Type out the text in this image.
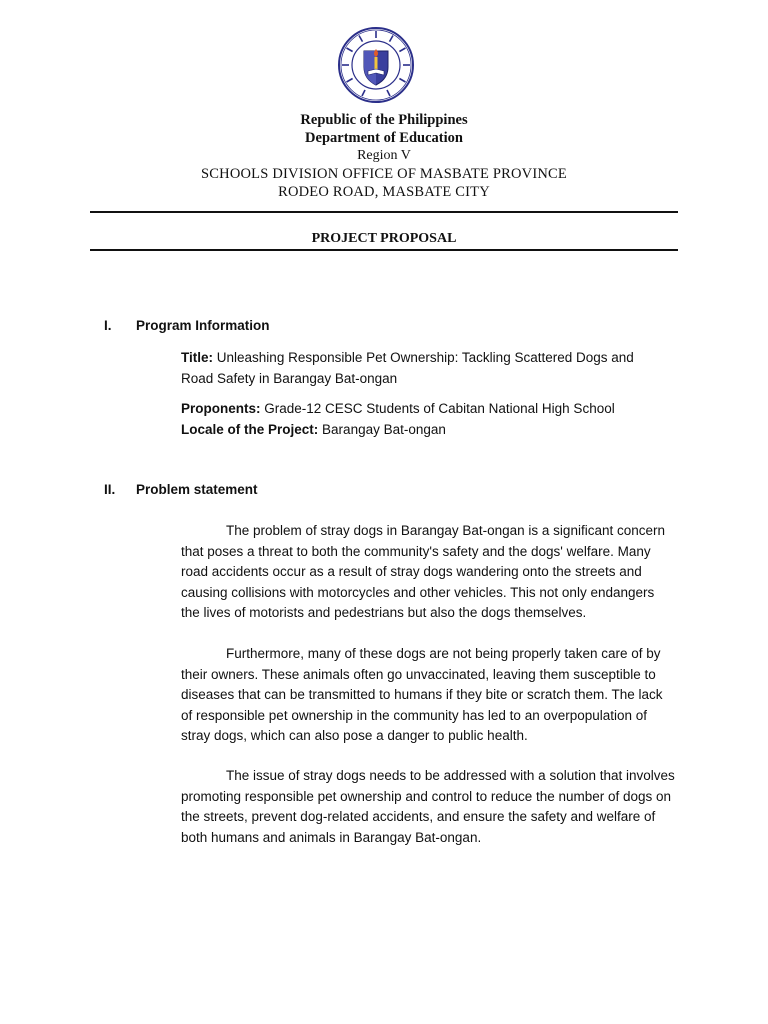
Republic of the Philippines
Department of Education
Region V
SCHOOLS DIVISION OFFICE OF MASBATE PROVINCE
RODEO ROAD, MASBATE CITY
PROJECT PROPOSAL
I. Program Information
Title: Unleashing Responsible Pet Ownership: Tackling Scattered Dogs and Road Safety in Barangay Bat-ongan
Proponents: Grade-12 CESC Students of Cabitan National High School
Locale of the Project: Barangay Bat-ongan
II. Problem statement

The problem of stray dogs in Barangay Bat-ongan is a significant concern that poses a threat to both the community's safety and the dogs' welfare. Many road accidents occur as a result of stray dogs wandering onto the streets and causing collisions with motorcycles and other vehicles. This not only endangers the lives of motorists and pedestrians but also the dogs themselves.

Furthermore, many of these dogs are not being properly taken care of by their owners. These animals often go unvaccinated, leaving them susceptible to diseases that can be transmitted to humans if they bite or scratch them. The lack of responsible pet ownership in the community has led to an overpopulation of stray dogs, which can also pose a danger to public health.

The issue of stray dogs needs to be addressed with a solution that involves promoting responsible pet ownership and control to reduce the number of dogs on the streets, prevent dog-related accidents, and ensure the safety and welfare of both humans and animals in Barangay Bat-ongan.
